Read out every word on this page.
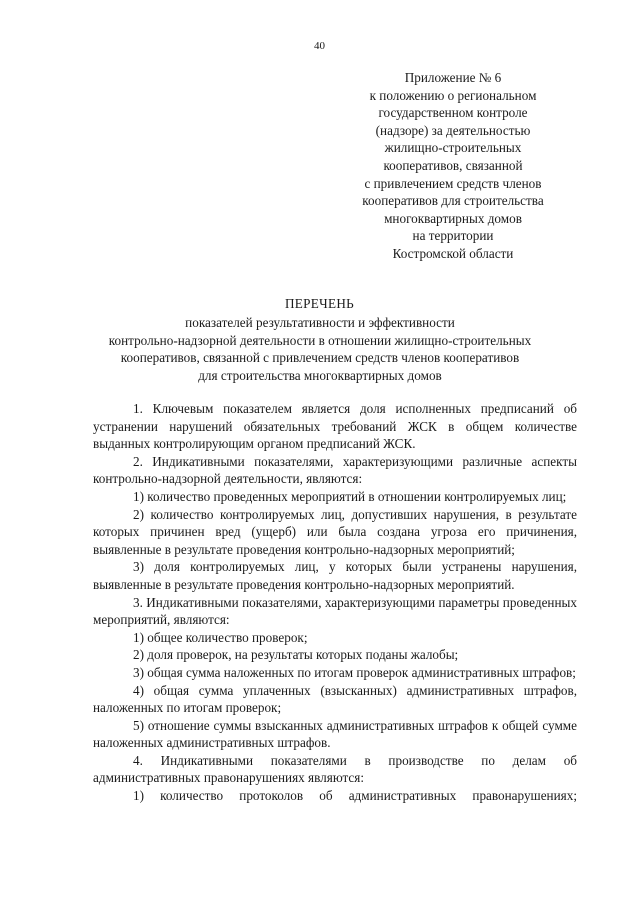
40
Приложение № 6
к положению о региональном
государственном контроле
(надзоре) за деятельностью
жилищно-строительных
кооперативов, связанной
с привлечением средств членов
кооперативов для строительства
многоквартирных домов
на территории
Костромской области
ПЕРЕЧЕНЬ
показателей результативности и эффективности
контрольно-надзорной деятельности в отношении жилищно-строительных
кооперативов, связанной с привлечением средств членов кооперативов
для строительства многоквартирных домов

1. Ключевым показателем является доля исполненных предписаний об устранении нарушений обязательных требований ЖСК в общем количестве выданных контролирующим органом предписаний ЖСК.

2. Индикативными показателями, характеризующими различные аспекты контрольно-надзорной деятельности, являются:

1) количество проведенных мероприятий в отношении контролируемых лиц;

2) количество контролируемых лиц, допустивших нарушения, в результате которых причинен вред (ущерб) или была создана угроза его причинения, выявленные в результате проведения контрольно-надзорных мероприятий;

3) доля контролируемых лиц, у которых были устранены нарушения, выявленные в результате проведения контрольно-надзорных мероприятий.

3. Индикативными показателями, характеризующими параметры проведенных мероприятий, являются:

1) общее количество проверок;

2) доля проверок, на результаты которых поданы жалобы;

3) общая сумма наложенных по итогам проверок административных штрафов;

4) общая сумма уплаченных (взысканных) административных штрафов, наложенных по итогам проверок;

5) отношение суммы взысканных административных штрафов к общей сумме наложенных административных штрафов.

4. Индикативными показателями в производстве по делам об административных правонарушениях являются:

1) количество протоколов об административных правонарушениях;
